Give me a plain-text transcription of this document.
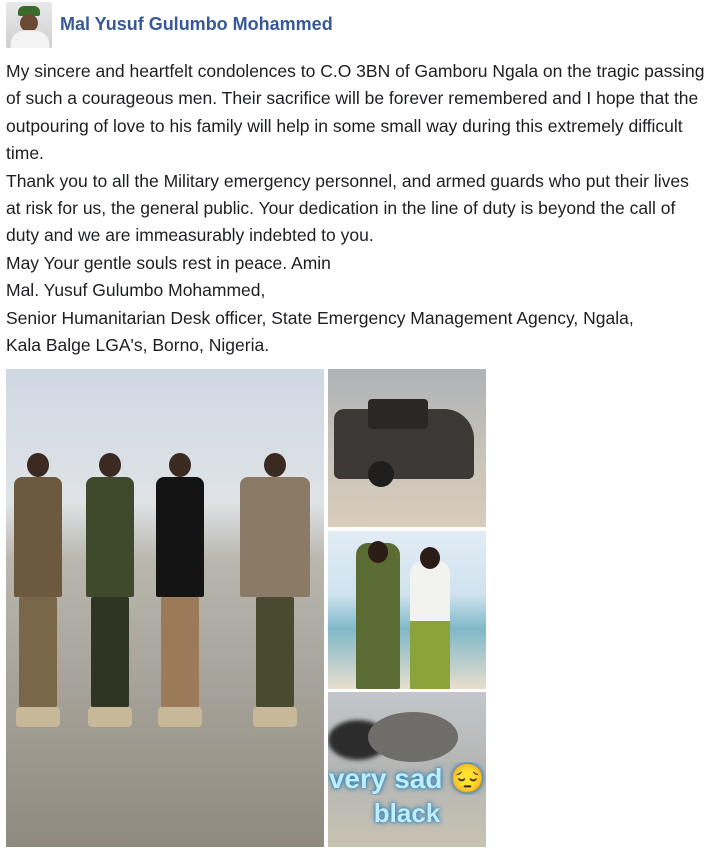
Mal Yusuf Gulumbo Mohammed

My sincere and heartfelt condolences to C.O 3BN of Gamboru Ngala on the tragic passing of such a courageous men. Their sacrifice will be forever remembered and I hope that the outpouring of love to his family will help in some small way during this extremely difficult time.

Thank you to all the Military emergency personnel, and armed guards who put their lives at risk for us, the general public. Your dedication in the line of duty is beyond the call of duty and we are immeasurably indebted to you.

May Your gentle souls rest in peace. Amin

Mal. Yusuf Gulumbo Mohammed,

Senior Humanitarian Desk officer, State Emergency Management Agency, Ngala,

Kala Balge LGA's, Borno, Nigeria.

very sad 😔
black
